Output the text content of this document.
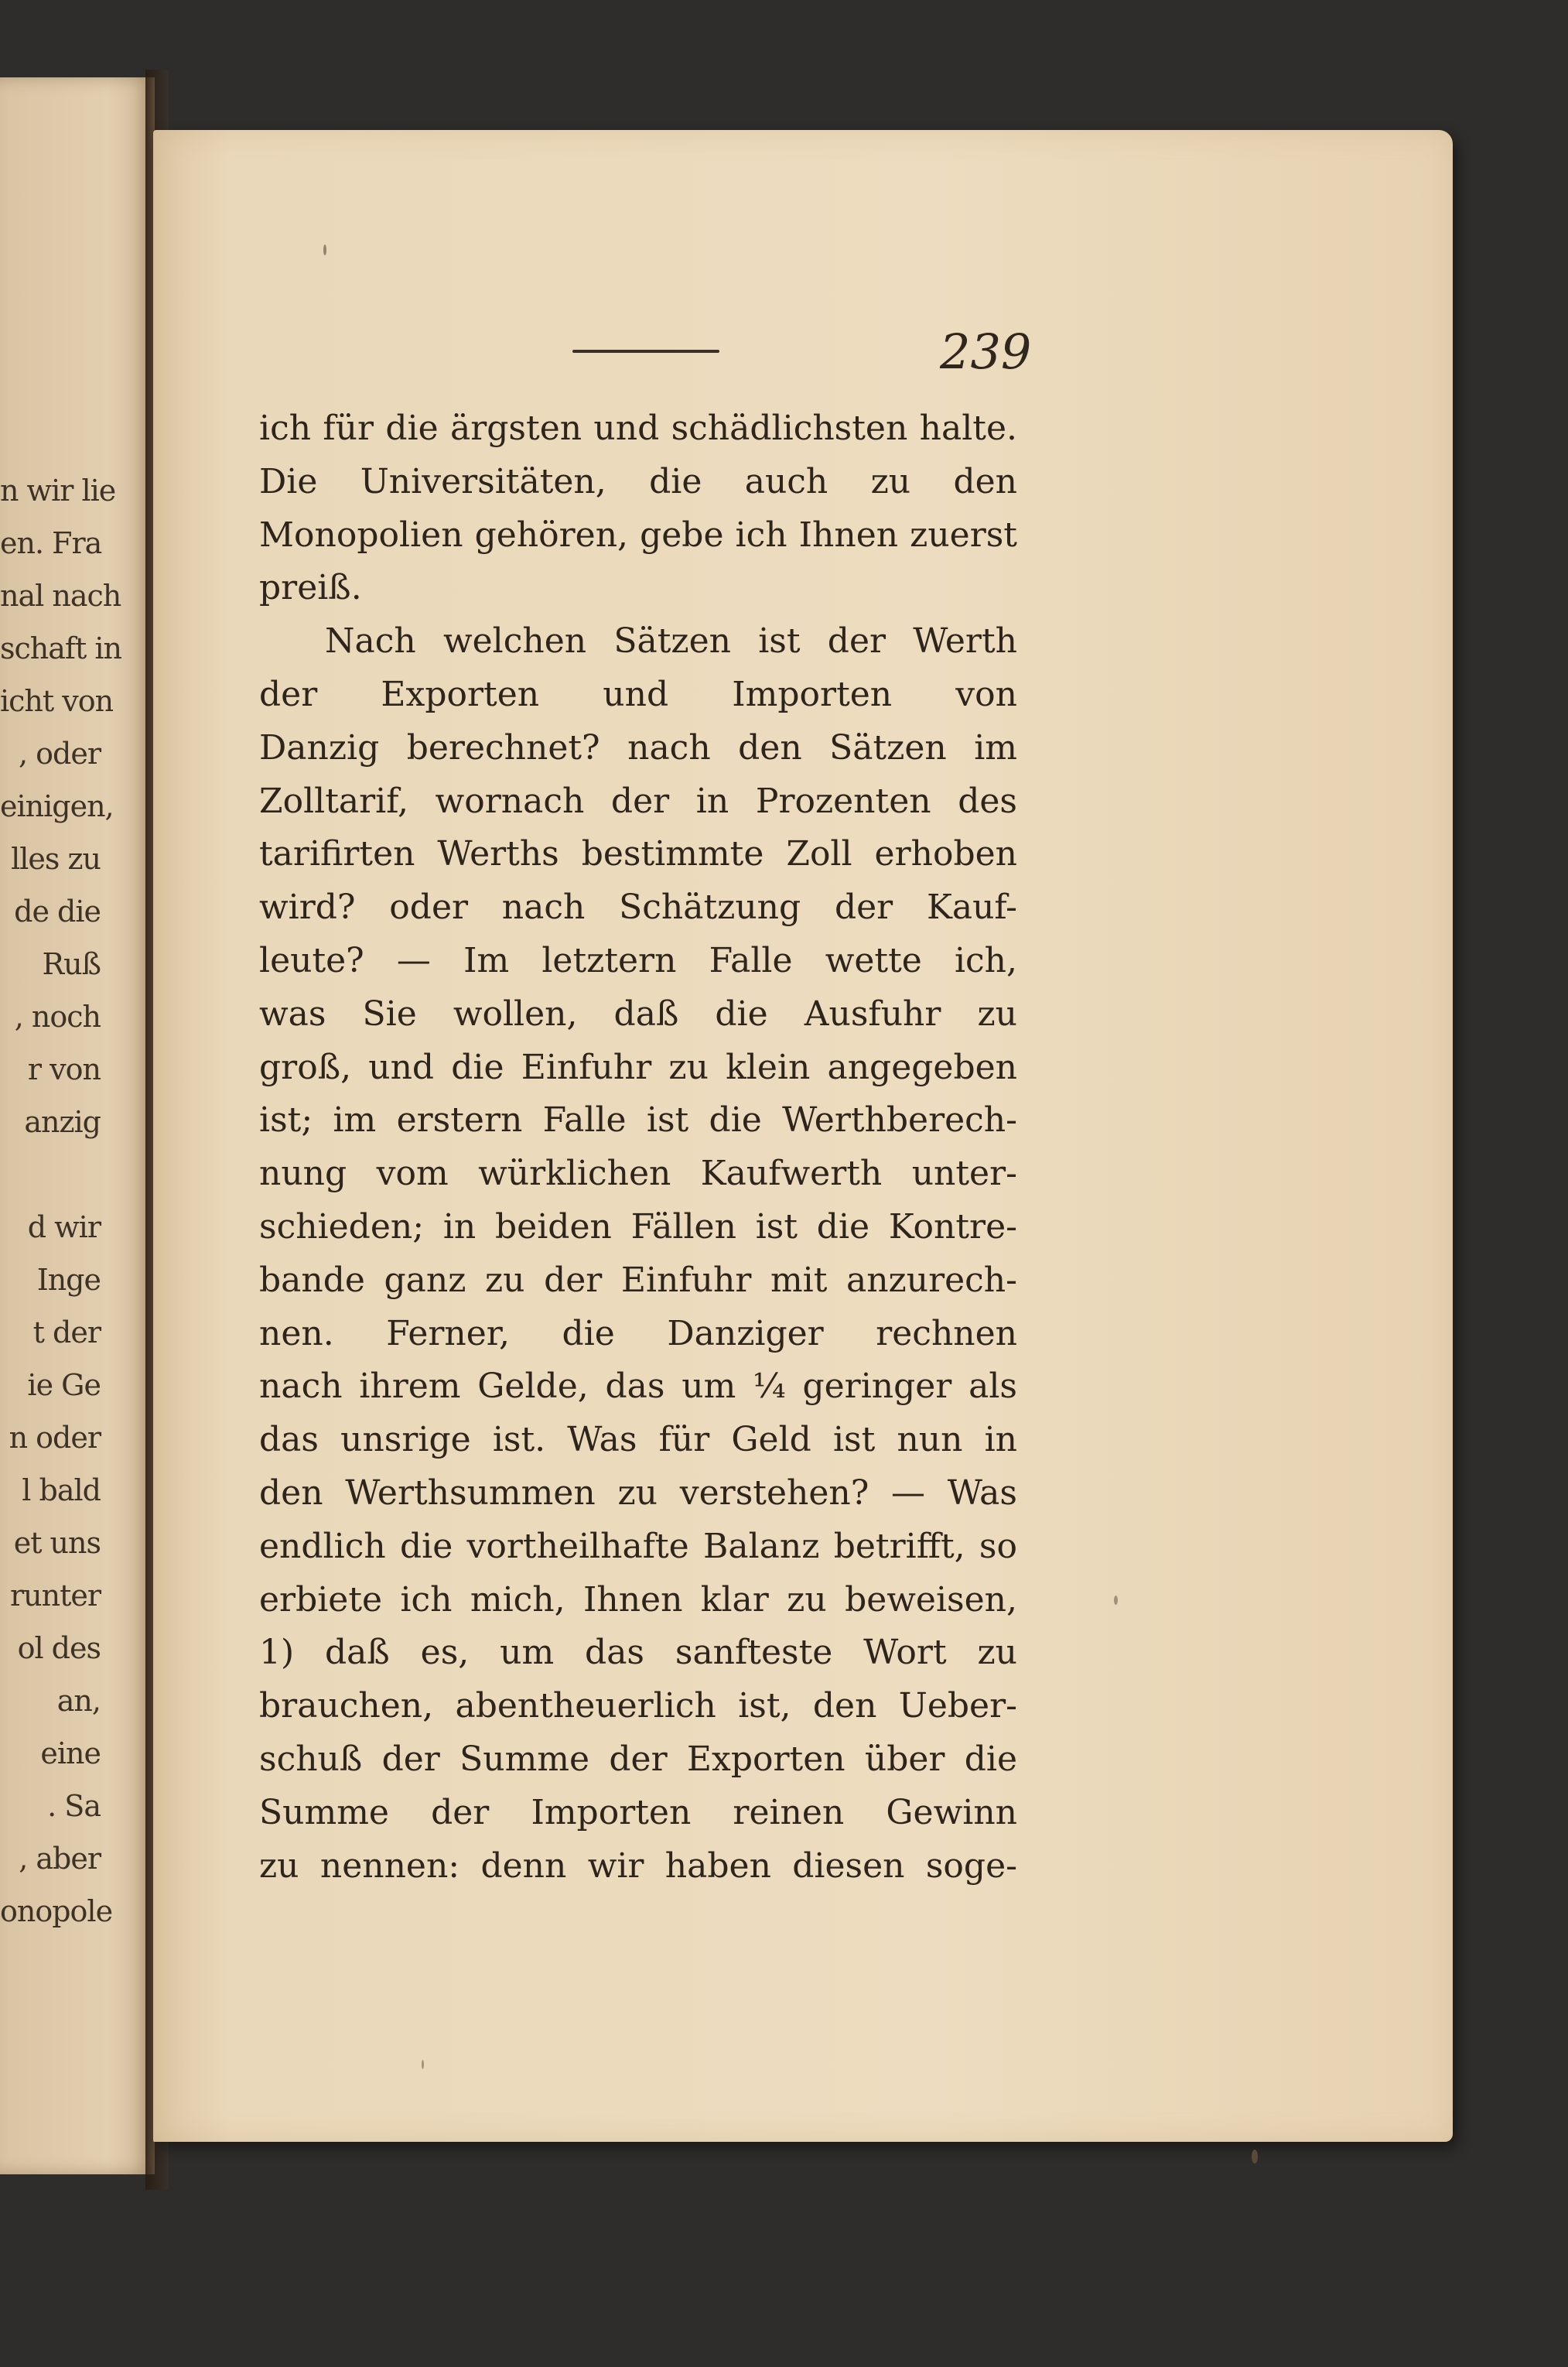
n wir lie
en. Fra
nal nach
schaft in
icht von
, oder
einigen,
lles zu
de die
Ruß
, noch
r von
anzig
d wir
Inge
t der
ie Ge
n oder
l bald
et uns
runter
ol des
an,
eine
. Sa
, aber
onopole
239
ich für die ärgsten und schädlichsten halte.
Die Universitäten, die auch zu den
Monopolien gehören, gebe ich Ihnen zuerst
preiß.
Nach welchen Sätzen ist der Werth
der Exporten und Importen von
Danzig berechnet? nach den Sätzen im
Zolltarif, wornach der in Prozenten des
tarifirten Werths bestimmte Zoll erhoben
wird? oder nach Schätzung der Kauf-
leute? — Im letztern Falle wette ich,
was Sie wollen, daß die Ausfuhr zu
groß, und die Einfuhr zu klein angegeben
ist; im erstern Falle ist die Werthberech-
nung vom würklichen Kaufwerth unter-
schieden; in beiden Fällen ist die Kontre-
bande ganz zu der Einfuhr mit anzurech-
nen. Ferner, die Danziger rechnen
nach ihrem Gelde, das um ¼ geringer als
das unsrige ist. Was für Geld ist nun in
den Werthsummen zu verstehen? — Was
endlich die vortheilhafte Balanz betrifft, so
erbiete ich mich, Ihnen klar zu beweisen,
1) daß es, um das sanfteste Wort zu
brauchen, abentheuerlich ist, den Ueber-
schuß der Summe der Exporten über die
Summe der Importen reinen Gewinn
zu nennen: denn wir haben diesen soge-
